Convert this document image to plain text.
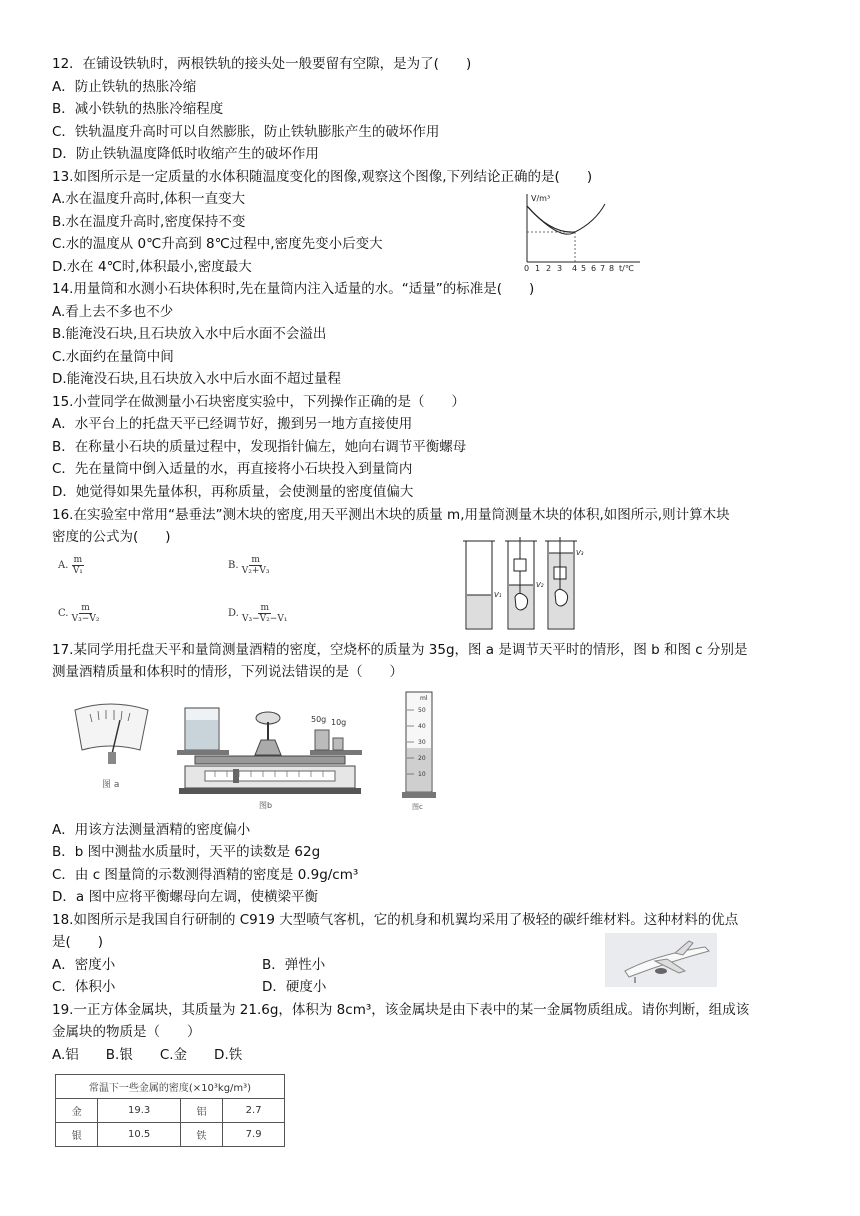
12．在铺设铁轨时，两根铁轨的接头处一般要留有空隙，是为了(　　)
A．防止铁轨的热胀冷缩
B．减小铁轨的热胀冷缩程度
C．铁轨温度升高时可以自然膨胀，防止铁轨膨胀产生的破坏作用
D．防止铁轨温度降低时收缩产生的破坏作用
13.如图所示是一定质量的水体积随温度变化的图像,观察这个图像,下列结论正确的是(　　)
A.水在温度升高时,体积一直变大
B.水在温度升高时,密度保持不变
C.水的温度从 0℃升高到 8℃过程中,密度先变小后变大
D.水在 4℃时,体积最小,密度最大
V/m³
t/℃
0 1 2 3 4 5 6 7 8
14.用量筒和水测小石块体积时,先在量筒内注入适量的水。“适量”的标准是(　　)
A.看上去不多也不少
B.能淹没石块,且石块放入水中后水面不会溢出
C.水面约在量筒中间
D.能淹没石块,且石块放入水中后水面不超过量程
15.小萱同学在做测量小石块密度实验中，下列操作正确的是（　　）
A．水平台上的托盘天平已经调节好，搬到另一地方直接使用
B．在称量小石块的质量过程中，发现指针偏左，她向右调节平衡螺母
C．先在量筒中倒入适量的水，再直接将小石块投入到量筒内
D．她觉得如果先量体积，再称质量，会使测量的密度值偏大
16.在实验室中常用“悬垂法”测木块的密度,用天平测出木块的质量 m,用量筒测量木块的体积,如图所示,则计算木块
密度的公式为(　　)
A. $\frac{m}{\text{V₁}}$	B. $\frac{m}{\text{V₂+V₃}}$
C. $\frac{m}{\text{V₃−V₂}}$	D. $\frac{m}{\text{V₃−V₂−V₁}}$
V₁
V₂
V₃
17.某同学用托盘天平和量筒测量酒精的密度，空烧杯的质量为 35g，图 a 是调节天平时的情形，图 b 和图 c 分别是
测量酒精质量和体积时的情形，下列说法错误的是（　　）
图 a
50g 10g
图b
ml
50
40
30
20
10
图c
A．用该方法测量酒精的密度偏小
B．b 图中测盐水质量时，天平的读数是 62g
C．由 c 图量筒的示数测得酒精的密度是 0.9g/cm³
D．a 图中应将平衡螺母向左调，使横梁平衡
18.如图所示是我国自行研制的 C919 大型喷气客机，它的机身和机翼均采用了极轻的碳纤维材料。这种材料的优点
是(　　)
A．密度小	B．弹性小
C．体积小	D．硬度小
19.一正方体金属块，其质量为 21.6g，体积为 8cm³，该金属块是由下表中的某一金属物质组成。请你判断，组成该
金属块的物质是（　　）
A.铝　　B.银　　C.金　　D.铁
常温下一些金属的密度(×10³kg/m³)			
金	19.3	铝	2.7
银	10.5	铁	7.9
